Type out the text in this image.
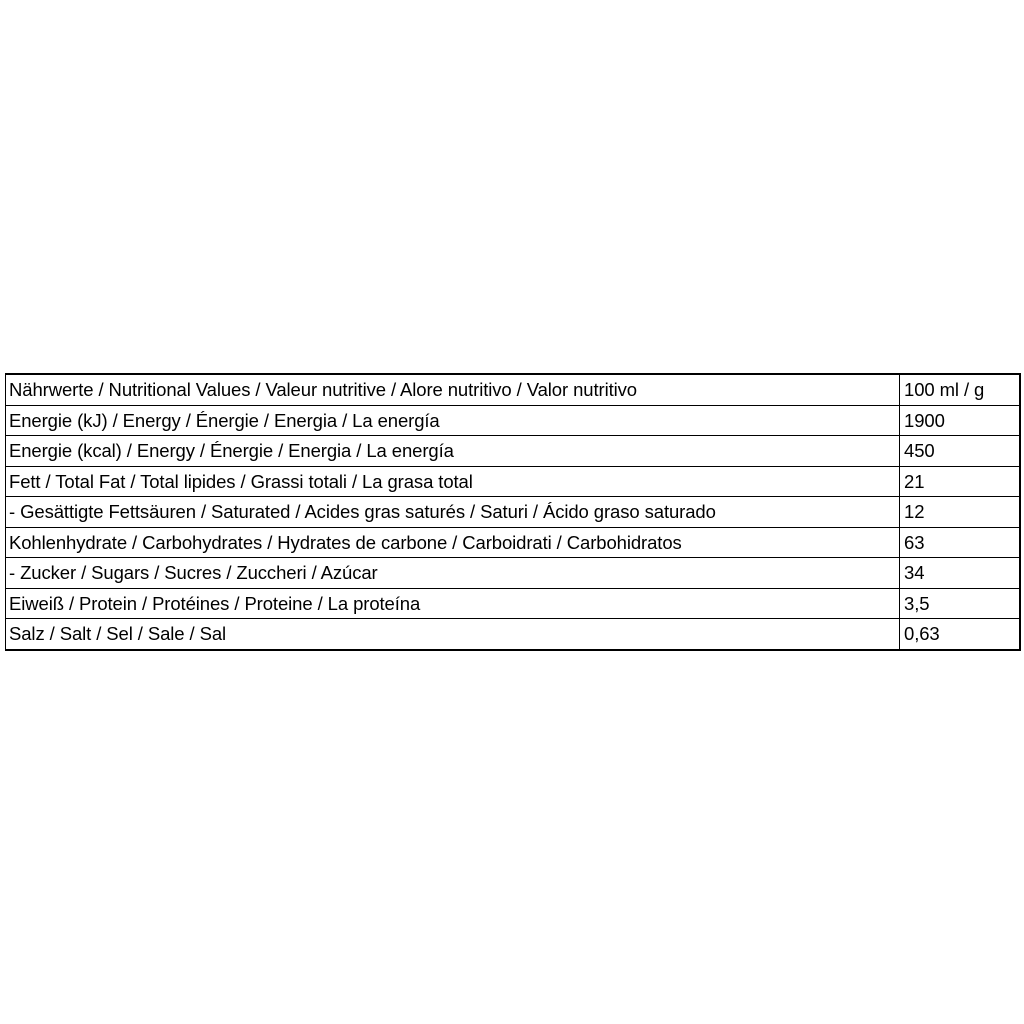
Nährwerte / Nutritional Values / Valeur nutritive / Alore nutritivo / Valor nutritivo	100 ml / g
Energie (kJ) / Energy / Énergie / Energia / La energía	1900
Energie (kcal) / Energy / Énergie / Energia / La energía	450
Fett / Total Fat / Total lipides / Grassi totali / La grasa total	21
- Gesättigte Fettsäuren / Saturated / Acides gras saturés / Saturi / Ácido graso saturado	12
Kohlenhydrate / Carbohydrates / Hydrates de carbone / Carboidrati / Carbohidratos	63
- Zucker / Sugars / Sucres / Zuccheri / Azúcar	34
Eiweiß / Protein / Protéines / Proteine / La proteína	3,5
Salz / Salt / Sel / Sale / Sal	0,63
